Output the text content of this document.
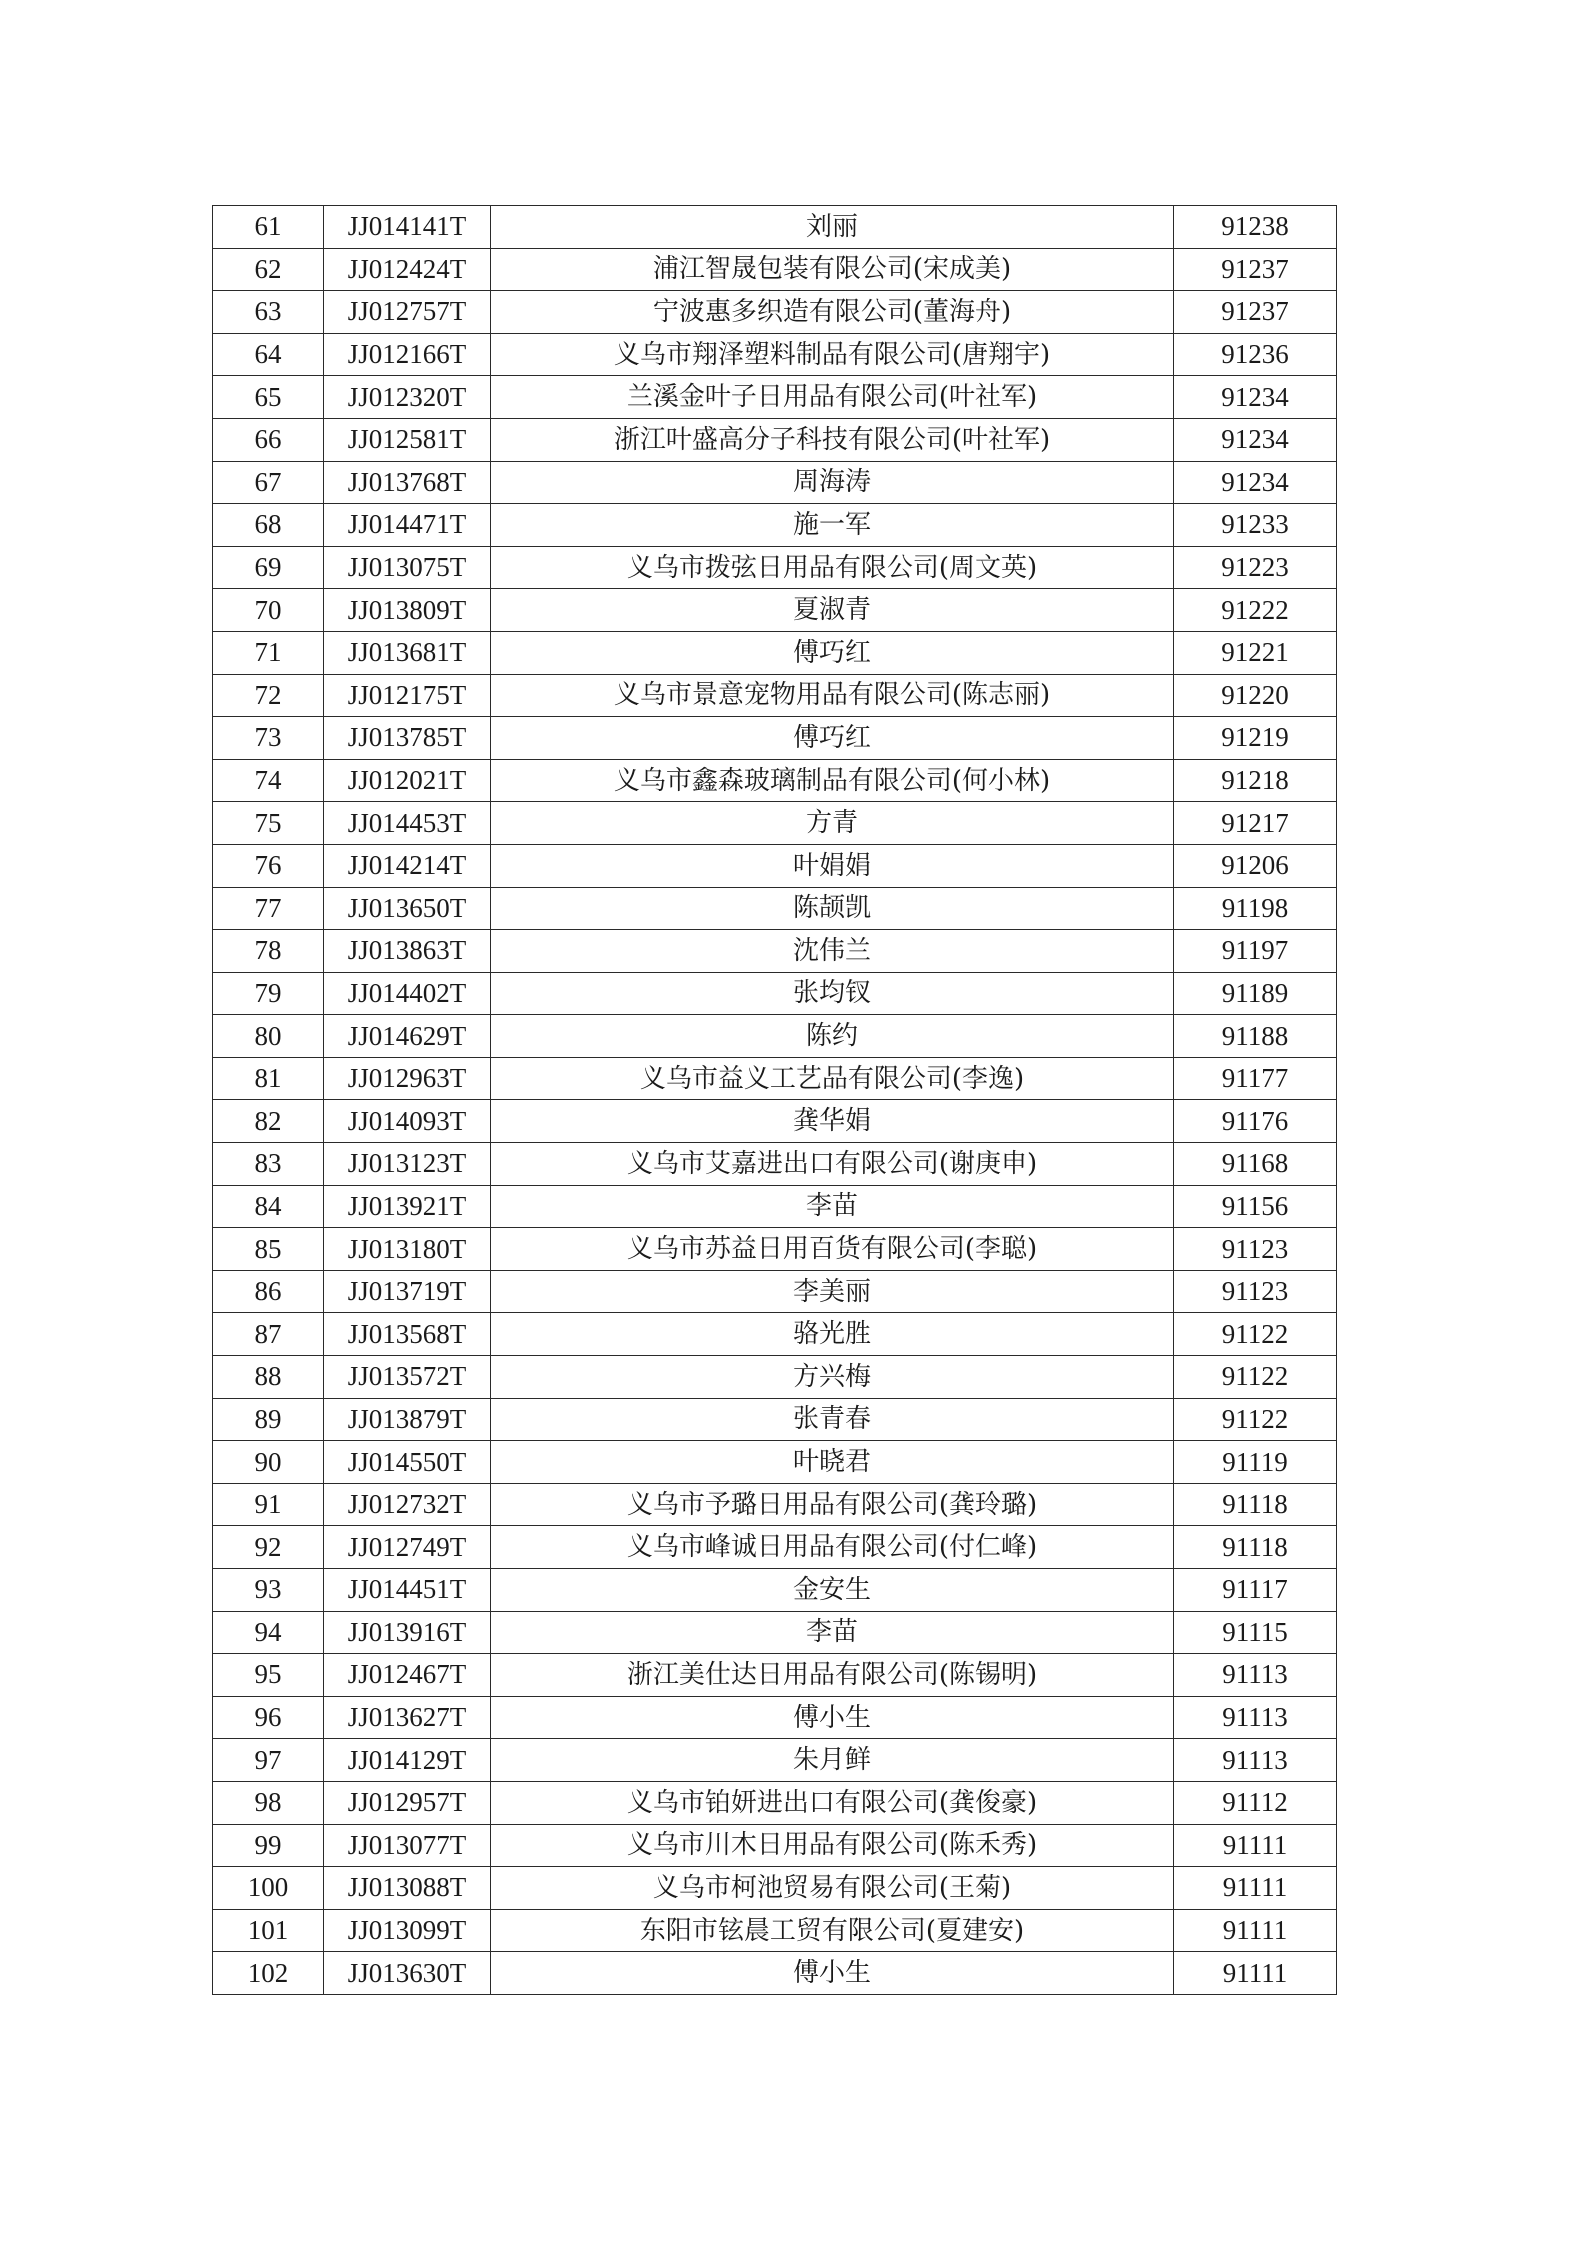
61	JJ014141T	刘丽	91238
62	JJ012424T	浦江智晟包装有限公司(宋成美)	91237
63	JJ012757T	宁波惠多织造有限公司(董海舟)	91237
64	JJ012166T	义乌市翔泽塑料制品有限公司(唐翔宇)	91236
65	JJ012320T	兰溪金叶子日用品有限公司(叶社军)	91234
66	JJ012581T	浙江叶盛高分子科技有限公司(叶社军)	91234
67	JJ013768T	周海涛	91234
68	JJ014471T	施一军	91233
69	JJ013075T	义乌市拨弦日用品有限公司(周文英)	91223
70	JJ013809T	夏淑青	91222
71	JJ013681T	傅巧红	91221
72	JJ012175T	义乌市景意宠物用品有限公司(陈志丽)	91220
73	JJ013785T	傅巧红	91219
74	JJ012021T	义乌市鑫森玻璃制品有限公司(何小林)	91218
75	JJ014453T	方青	91217
76	JJ014214T	叶娟娟	91206
77	JJ013650T	陈颉凯	91198
78	JJ013863T	沈伟兰	91197
79	JJ014402T	张均钗	91189
80	JJ014629T	陈约	91188
81	JJ012963T	义乌市益义工艺品有限公司(李逸)	91177
82	JJ014093T	龚华娟	91176
83	JJ013123T	义乌市艾嘉进出口有限公司(谢庚申)	91168
84	JJ013921T	李苗	91156
85	JJ013180T	义乌市苏益日用百货有限公司(李聪)	91123
86	JJ013719T	李美丽	91123
87	JJ013568T	骆光胜	91122
88	JJ013572T	方兴梅	91122
89	JJ013879T	张青春	91122
90	JJ014550T	叶晓君	91119
91	JJ012732T	义乌市予璐日用品有限公司(龚玲璐)	91118
92	JJ012749T	义乌市峰诚日用品有限公司(付仁峰)	91118
93	JJ014451T	金安生	91117
94	JJ013916T	李苗	91115
95	JJ012467T	浙江美仕达日用品有限公司(陈锡明)	91113
96	JJ013627T	傅小生	91113
97	JJ014129T	朱月鲜	91113
98	JJ012957T	义乌市铂妍进出口有限公司(龚俊豪)	91112
99	JJ013077T	义乌市川木日用品有限公司(陈禾秀)	91111
100	JJ013088T	义乌市柯池贸易有限公司(王菊)	91111
101	JJ013099T	东阳市铉晨工贸有限公司(夏建安)	91111
102	JJ013630T	傅小生	91111
